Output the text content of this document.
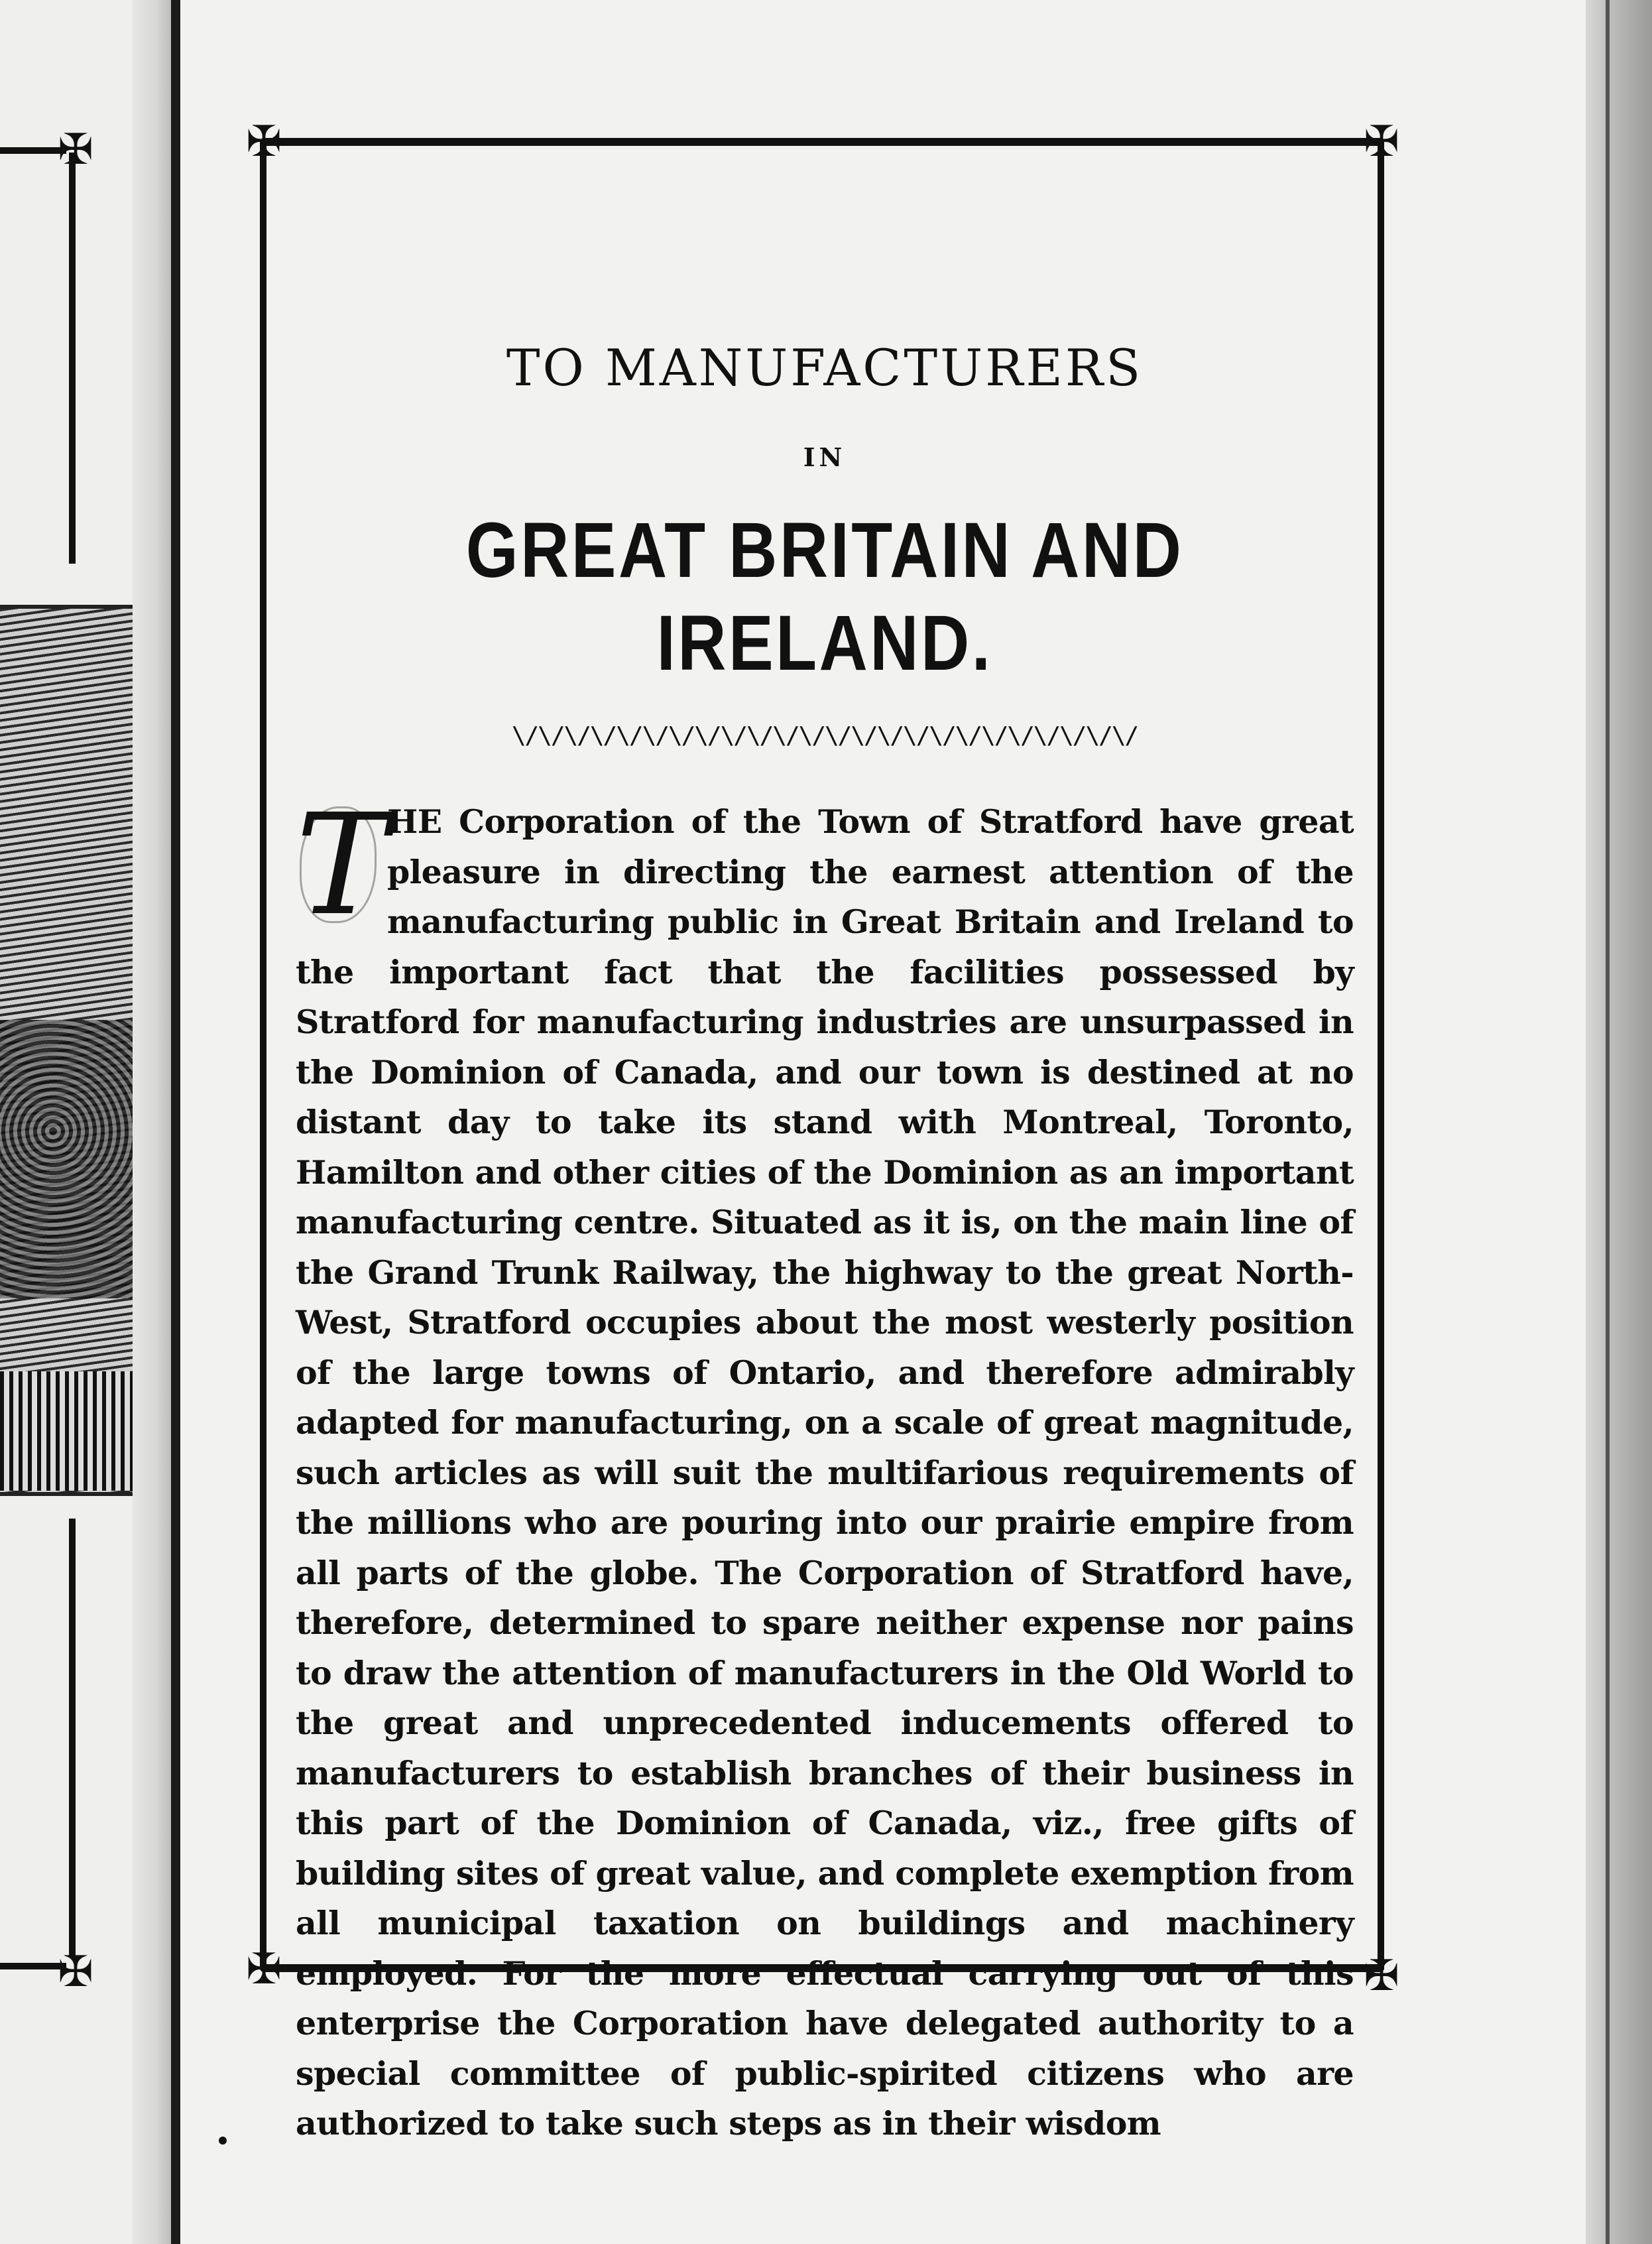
✠
✠
✠	✠
✠	✠
TO MANUFACTURERS
IN
GREAT BRITAIN AND IRELAND.
\/\/\/\/\/\/\/\/\/\/\/\/\/\/\/\/\/\/\/\/\/\/\/\/
T
HE Corporation of the Town of Stratford have great pleasure in directing the earnest attention of the manufacturing public in Great Britain and Ireland to the important fact that the facilities possessed by Stratford for manufacturing industries are unsurpassed in the Dominion of Canada, and our town is destined at no distant day to take its stand with Montreal, Toronto, Hamilton and other cities of the Dominion as an important manufacturing centre. Situated as it is, on the main line of the Grand Trunk Railway, the highway to the great North-West, Stratford occupies about the most westerly position of the large towns of Ontario, and therefore admirably adapted for manufacturing, on a scale of great magnitude, such articles as will suit the multifarious requirements of the millions who are pouring into our prairie empire from all parts of the globe. The Corporation of Stratford have, therefore, determined to spare neither expense nor pains to draw the attention of manufacturers in the Old World to the great and unprecedented inducements offered to manufacturers to establish branches of their business in this part of the Dominion of Canada, viz., free gifts of building sites of great value, and complete exemption from all municipal taxation on buildings and machinery employed. For the more effectual carrying out of this enterprise the Corporation have delegated authority to a special committee of public-spirited citizens who are authorized to take such steps as in their wisdom
